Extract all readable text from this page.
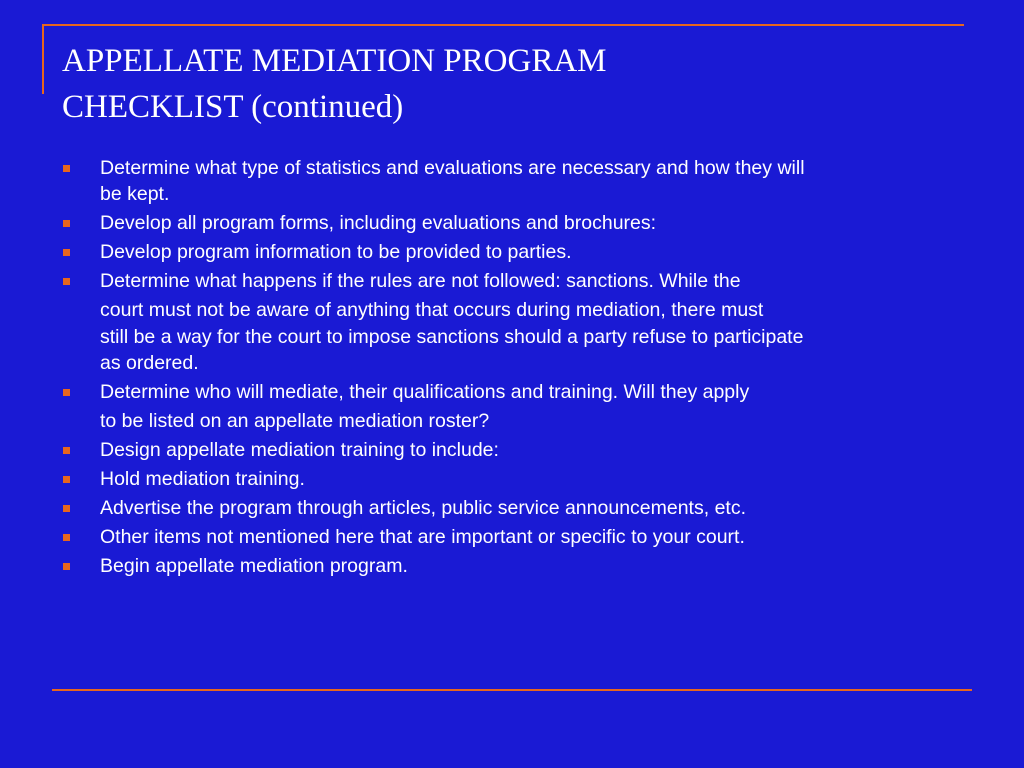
APPELLATE MEDIATION PROGRAM
CHECKLIST (continued)
Determine what type of statistics and evaluations are necessary and how they will
be kept.
Develop all program forms, including evaluations and brochures:
Develop program information to be provided to parties.
Determine what happens if the rules are not followed: sanctions. While the
court must not be aware of anything that occurs during mediation, there must
still be a way for the court to impose sanctions should a party refuse to participate
as ordered.
Determine who will mediate, their qualifications and training. Will they apply
to be listed on an appellate mediation roster?
Design appellate mediation training to include:
Hold mediation training.
Advertise the program through articles, public service announcements, etc.
Other items not mentioned here that are important or specific to your court.
Begin appellate mediation program.
